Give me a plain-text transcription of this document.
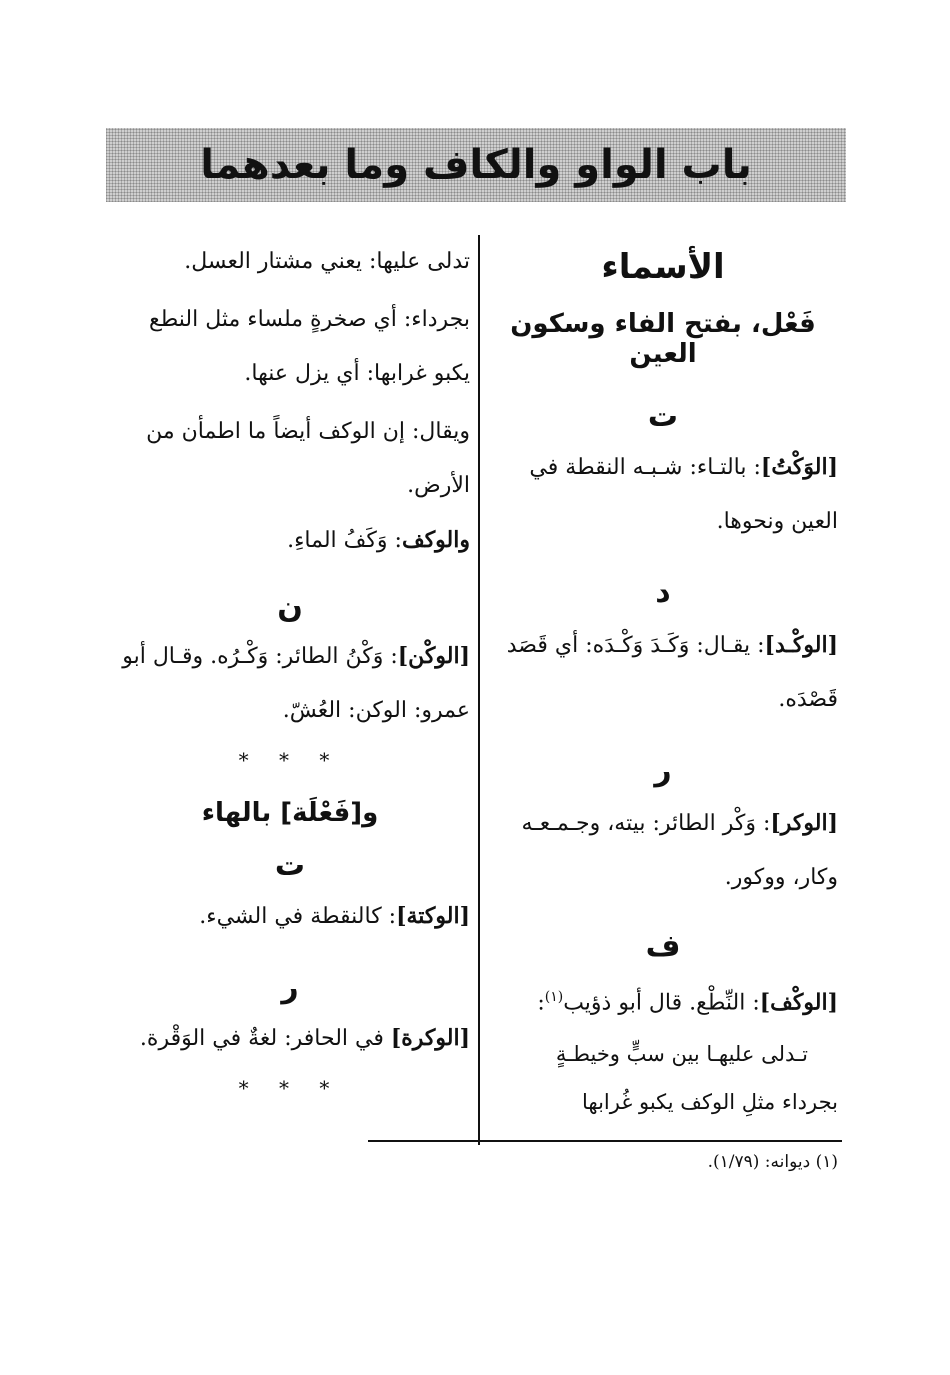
باب الواو والكاف وما بعدهما

الأسماء

فَعْل، بفتح الفاء وسكون العين

ت

[الوَكْتُ]: بالتـاء: شـبـه النقطة في العين ونحوها.

د

[الوكْـد]: يقـال: وَكَـدَ وَكْـدَه: أي قَصَد قَصْدَه.

ر

[الوكر]: وَكْر الطائر: بيته، وجـمـعـه وكار، ووكور.

ف

[الوكْف]: النِّطْع. قال أبو ذؤيب$^{(١)}$:

تـدلى عليهـا بين سبٍّ وخيطـةٍ

بجرداء مثلِ الوكف يكبو غُرابها

تدلى عليها: يعني مشتار العسل.

بجرداء: أي صخرةٍ ملساء مثل النطع يكبو غرابها: أي يزل عنها.

ويقال: إن الوكف أيضاً ما اطمأن من الأرض.

والوكف: وَكَفُ الماءِ.

ن

[الوكْن]: وَكْنُ الطائر: وَكْـرُه. وقـال أبو عمرو: الوكن: العُشّ.

* * *

و[فَعْلَة] بالهاء

ت

[الوكتة]: كالنقطة في الشيء.

ر

[الوكرة] في الحافر: لغةٌ في الوَقْرة.

* * *

(١) ديوانه: (١/٧٩).
